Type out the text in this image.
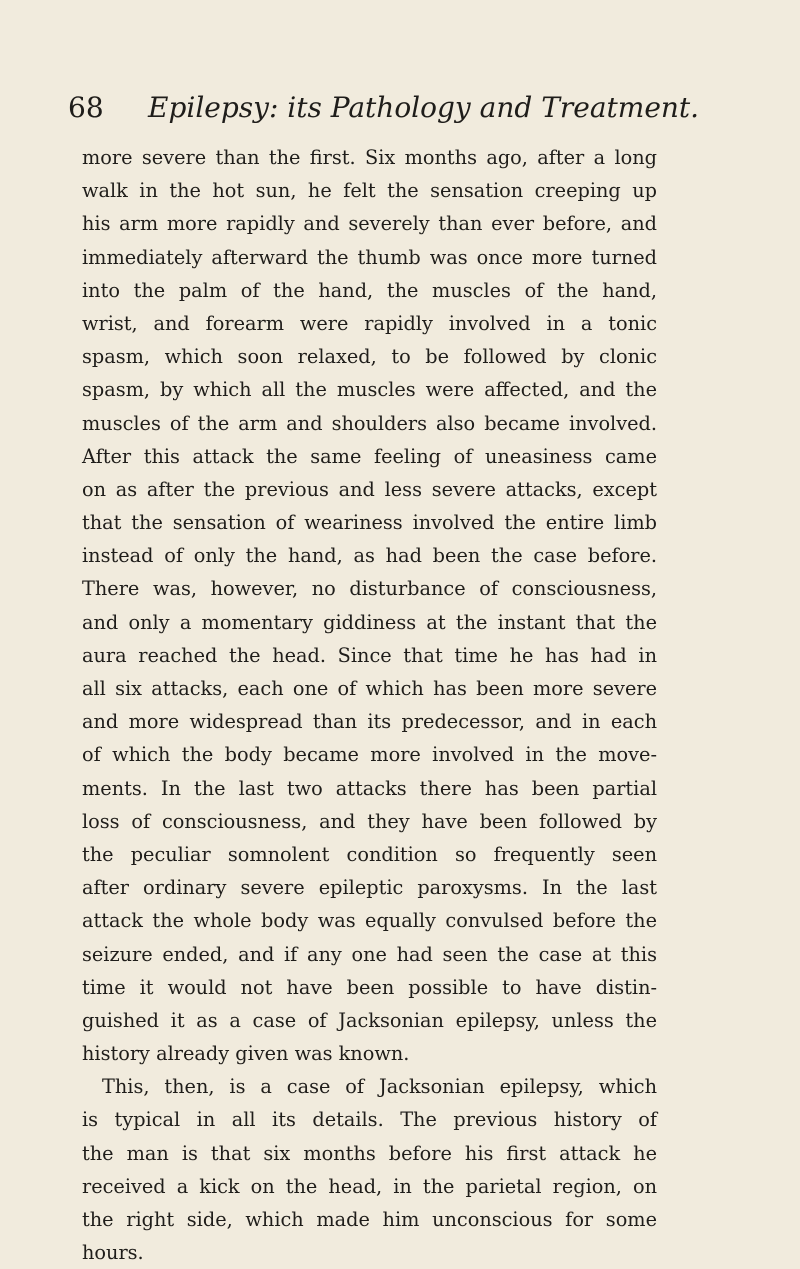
68 Epilepsy: its Pathology and Treatment.
more severe than the first. Six months ago, after a long
walk in the hot sun, he felt the sensation creeping up
his arm more rapidly and severely than ever before, and
immediately afterward the thumb was once more turned
into the palm of the hand, the muscles of the hand,
wrist, and forearm were rapidly involved in a tonic
spasm, which soon relaxed, to be followed by clonic
spasm, by which all the muscles were affected, and the
muscles of the arm and shoulders also became involved.
After this attack the same feeling of uneasiness came
on as after the previous and less severe attacks, except
that the sensation of weariness involved the entire limb
instead of only the hand, as had been the case before.
There was, however, no disturbance of consciousness,
and only a momentary giddiness at the instant that the
aura reached the head. Since that time he has had in
all six attacks, each one of which has been more severe
and more widespread than its predecessor, and in each
of which the body became more involved in the move-
ments. In the last two attacks there has been partial
loss of consciousness, and they have been followed by
the peculiar somnolent condition so frequently seen
after ordinary severe epileptic paroxysms. In the last
attack the whole body was equally convulsed before the
seizure ended, and if any one had seen the case at this
time it would not have been possible to have distin-
guished it as a case of Jacksonian epilepsy, unless the
history already given was known.
This, then, is a case of Jacksonian epilepsy, which
is typical in all its details. The previous history of
the man is that six months before his first attack he
received a kick on the head, in the parietal region, on
the right side, which made him unconscious for some
hours.
